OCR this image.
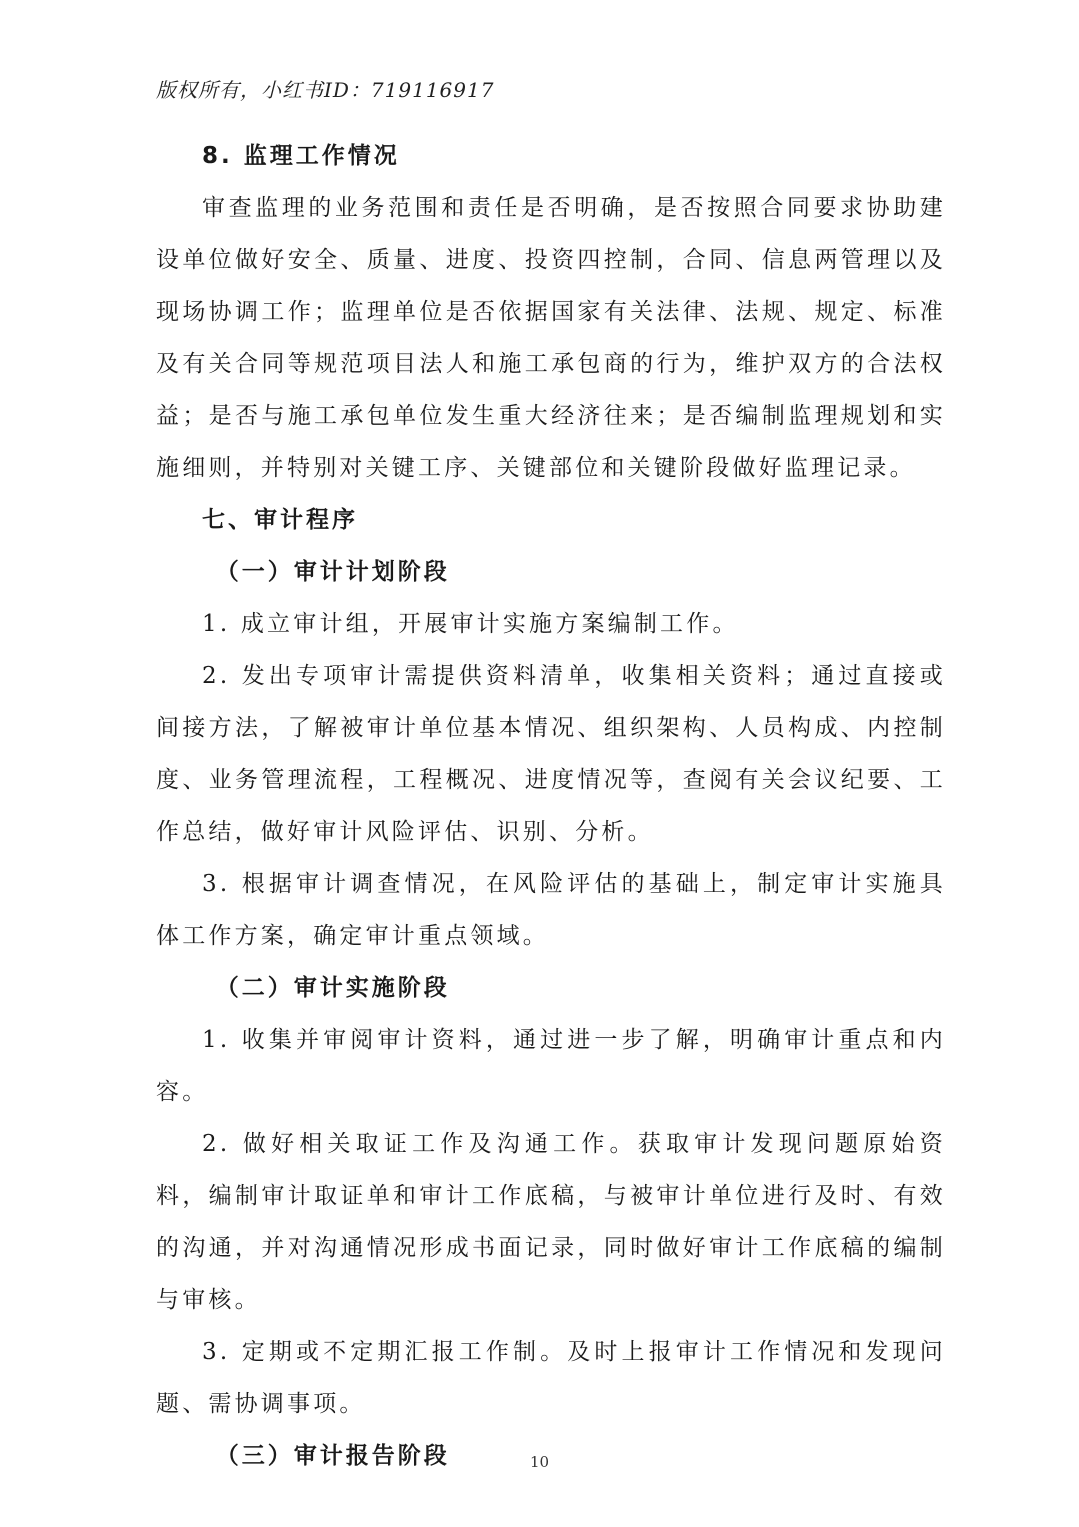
版权所有，小红书ID：719116917

8. 监理工作情况

审查监理的业务范围和责任是否明确，是否按照合同要求协助建设单位做好安全、质量、进度、投资四控制，合同、信息两管理以及现场协调工作；监理单位是否依据国家有关法律、法规、规定、标准及有关合同等规范项目法人和施工承包商的行为，维护双方的合法权益；是否与施工承包单位发生重大经济往来；是否编制监理规划和实施细则，并特别对关键工序、关键部位和关键阶段做好监理记录。

七、审计程序

（一）审计计划阶段

1. 成立审计组，开展审计实施方案编制工作。

2. 发出专项审计需提供资料清单，收集相关资料；通过直接或间接方法，了解被审计单位基本情况、组织架构、人员构成、内控制度、业务管理流程，工程概况、进度情况等，查阅有关会议纪要、工作总结，做好审计风险评估、识别、分析。

3. 根据审计调查情况，在风险评估的基础上，制定审计实施具体工作方案，确定审计重点领域。

（二）审计实施阶段

1. 收集并审阅审计资料，通过进一步了解，明确审计重点和内容。

2. 做好相关取证工作及沟通工作。获取审计发现问题原始资料，编制审计取证单和审计工作底稿，与被审计单位进行及时、有效的沟通，并对沟通情况形成书面记录，同时做好审计工作底稿的编制与审核。

3. 定期或不定期汇报工作制。及时上报审计工作情况和发现问题、需协调事项。

（三）审计报告阶段	10
